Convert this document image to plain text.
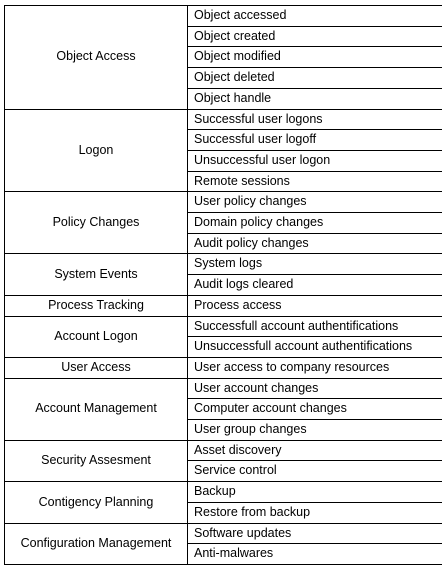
Object Access	Object accessed
	Object created
	Object modified
	Object deleted
	Object handle
Logon	Successful user logons
	Successful user logoff
	Unsuccessful user logon
	Remote sessions
Policy Changes	User policy changes
	Domain policy changes
	Audit policy changes
System Events	System logs
	Audit logs cleared
Process Tracking	Process access
Account Logon	Successfull account authentifications
	Unsuccessfull account authentifications
User Access	User access to company resources
Account Management	User account changes
	Computer account changes
	User group changes
Security Assesment	Asset discovery
	Service control
Contigency Planning	Backup
	Restore from backup
Configuration Management	Software updates
	Anti-malwares
